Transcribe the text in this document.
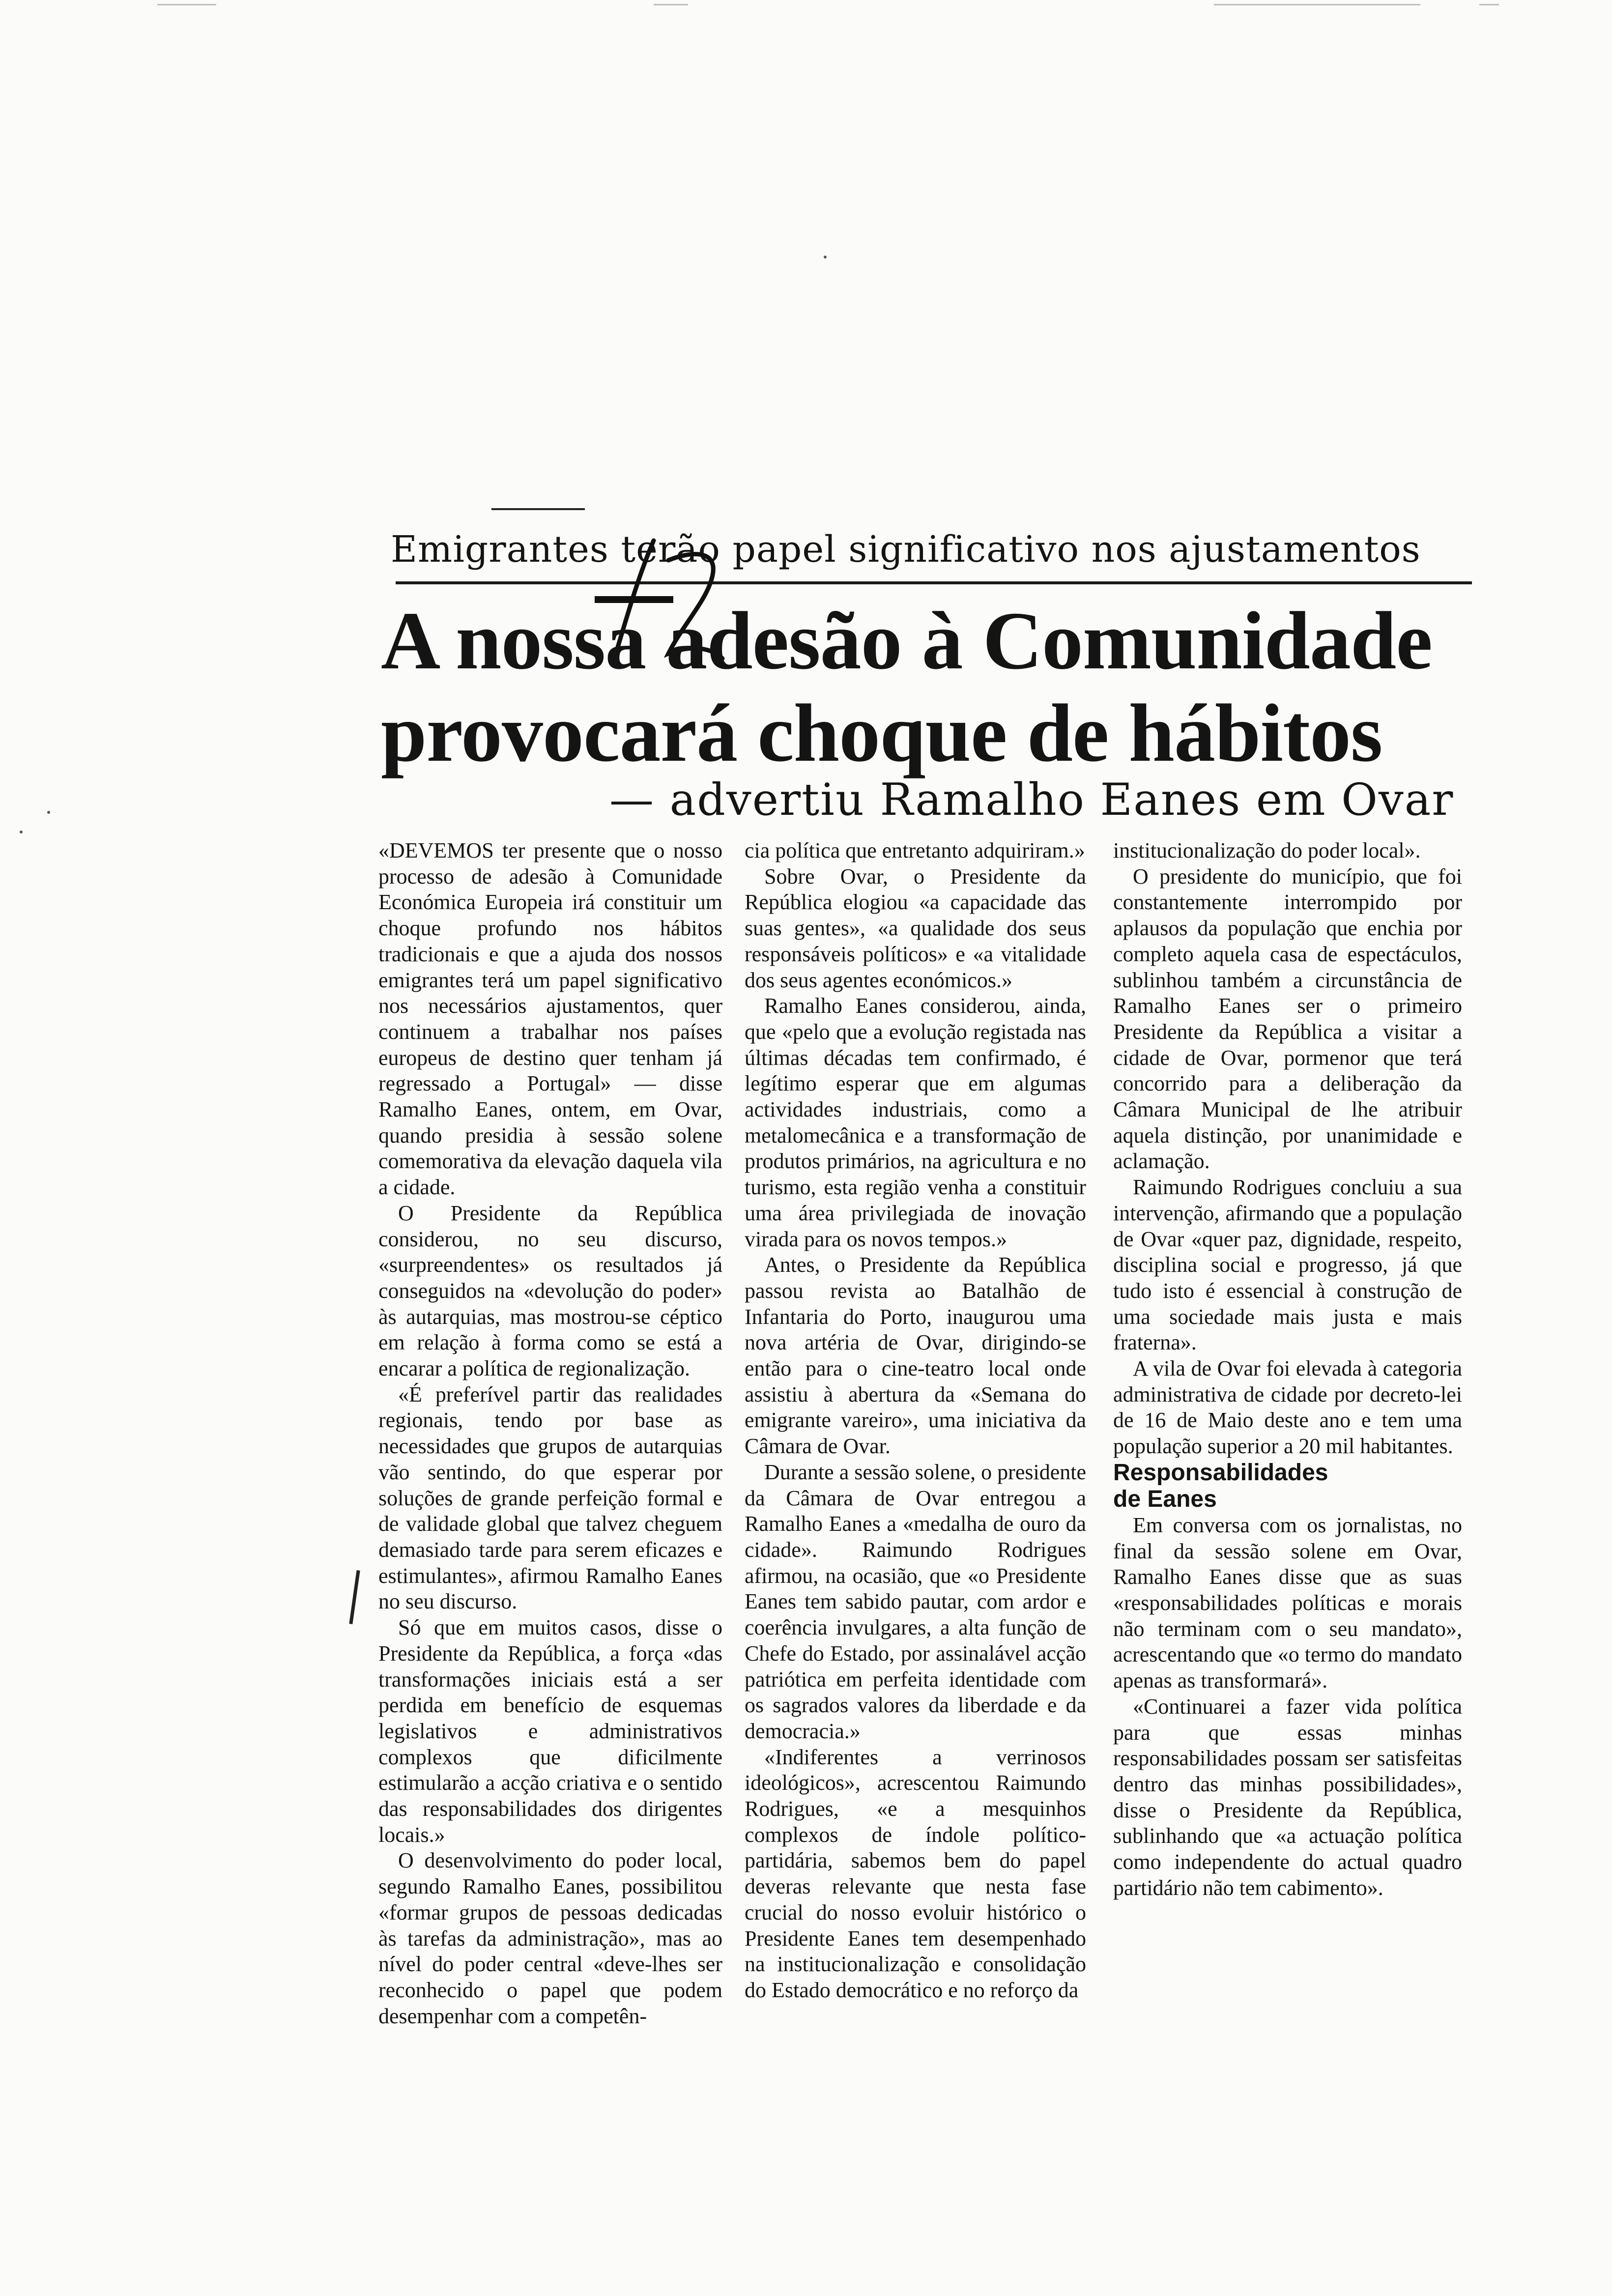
Emigrantes terão papel significativo nos ajustamentos
A nossa adesão à Comunidade
provocará choque de hábitos
— advertiu Ramalho Eanes em Ovar

«DEVEMOS ter presente que o nosso processo de adesão à Comunidade Económica Europeia irá constituir um choque profundo nos hábitos tradicionais e que a ajuda dos nossos emigrantes terá um papel significativo nos necessários ajustamentos, quer continuem a trabalhar nos países europeus de destino quer tenham já regressado a Portugal» — disse Ramalho Eanes, ontem, em Ovar, quando presidia à sessão solene comemorativa da elevação daquela vila a cidade.

O Presidente da República considerou, no seu discurso, «surpreendentes» os resultados já conseguidos na «devolução do poder» às autarquias, mas mostrou-se céptico em relação à forma como se está a encarar a política de regionalização.

«É preferível partir das realidades regionais, tendo por base as necessidades que grupos de autarquias vão sentindo, do que esperar por soluções de grande perfeição formal e de validade global que talvez cheguem demasiado tarde para serem eficazes e estimulantes», afirmou Ramalho Eanes no seu discurso.

Só que em muitos casos, disse o Presidente da República, a força «das transformações iniciais está a ser perdida em benefício de esquemas legislativos e administrativos complexos que dificilmente estimularão a acção criativa e o sentido das responsabilidades dos dirigentes locais.»

O desenvolvimento do poder local, segundo Ramalho Eanes, possibilitou «formar grupos de pessoas dedicadas às tarefas da administração», mas ao nível do poder central «deve-lhes ser reconhecido o papel que podem desempenhar com a competên-

cia política que entretanto adquiriram.»

Sobre Ovar, o Presidente da República elogiou «a capacidade das suas gentes», «a qualidade dos seus responsáveis políticos» e «a vitalidade dos seus agentes económicos.»

Ramalho Eanes considerou, ainda, que «pelo que a evolução registada nas últimas décadas tem confirmado, é legítimo esperar que em algumas actividades industriais, como a metalomecânica e a transformação de produtos primários, na agricultura e no turismo, esta região venha a constituir uma área privilegiada de inovação virada para os novos tempos.»

Antes, o Presidente da República passou revista ao Batalhão de Infantaria do Porto, inaugurou uma nova artéria de Ovar, dirigindo-se então para o cine-teatro local onde assistiu à abertura da «Semana do emigrante vareiro», uma iniciativa da Câmara de Ovar.

Durante a sessão solene, o presidente da Câmara de Ovar entregou a Ramalho Eanes a «medalha de ouro da cidade». Raimundo Rodrigues afirmou, na ocasião, que «o Presidente Eanes tem sabido pautar, com ardor e coerência invulgares, a alta função de Chefe do Estado, por assinalável acção patriótica em perfeita identidade com os sagrados valores da liberdade e da democracia.»

«Indiferentes a verrinosos ideológicos», acrescentou Raimundo Rodrigues, «e a mesquinhos complexos de índole político-partidária, sabemos bem do papel deveras relevante que nesta fase crucial do nosso evoluir histórico o Presidente Eanes tem desempenhado na institucionalização e consolidação do Estado democrático e no reforço da

institucionalização do poder local».

O presidente do município, que foi constantemente interrompido por aplausos da população que enchia por completo aquela casa de espectáculos, sublinhou também a circunstância de Ramalho Eanes ser o primeiro Presidente da República a visitar a cidade de Ovar, pormenor que terá concorrido para a deliberação da Câmara Municipal de lhe atribuir aquela distinção, por unanimidade e aclamação.

Raimundo Rodrigues concluiu a sua intervenção, afirmando que a população de Ovar «quer paz, dignidade, respeito, disciplina social e progresso, já que tudo isto é essencial à construção de uma sociedade mais justa e mais fraterna».

A vila de Ovar foi elevada à categoria administrativa de cidade por decreto-lei de 16 de Maio deste ano e tem uma população superior a 20 mil habitantes.

Responsabilidades
de Eanes

Em conversa com os jornalistas, no final da sessão solene em Ovar, Ramalho Eanes disse que as suas «responsabilidades políticas e morais não terminam com o seu mandato», acrescentando que «o termo do mandato apenas as transformará».

«Continuarei a fazer vida política para que essas minhas responsabilidades possam ser satisfeitas dentro das minhas possibilidades», disse o Presidente da República, sublinhando que «a actuação política como independente do actual quadro partidário não tem cabimento».
